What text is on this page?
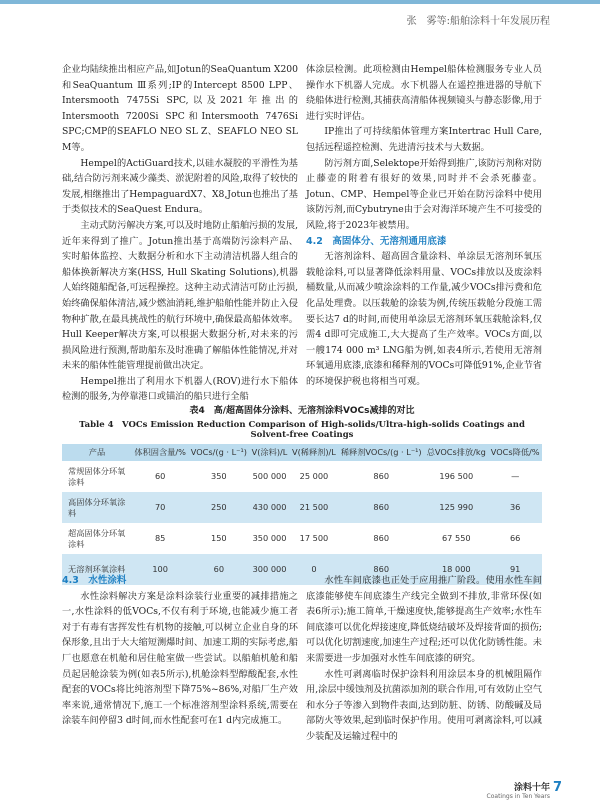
张　雾等:船舶涂料十年发展历程

企业均陆续推出相应产品,如Jotun的SeaQuantum X200和SeaQuantum Ⅲ系列;IP的Intercept 8500 LPP、Intersmooth 7475Si SPC,以及2021年推出的Intersmooth 7200Si SPC和Intersmooth 7476Si SPC;CMP的SEAFLO NEO SL Z、SEAFLO NEO SL M等。

Hempel的ActiGuard技术,以硅水凝胶的平滑性为基础,结合防污剂来减少藻类、淤泥附着的风险,取得了较快的发展,相继推出了HempaguardX7、X8,Jotun也推出了基于类似技术的SeaQuest Endura。

主动式防污解决方案,可以及时地防止船舶污损的发展,近年来得到了推广。Jotun推出基于高端防污涂料产品、实时船体监控、大数据分析和水下主动清洁机器人组合的船体换新解决方案(HSS, Hull Skating Solutions),机器人始终随船配备,可远程操控。这种主动式清洁可防止污损,始终确保船体清洁,减少燃油消耗,维护船舶性能并防止入侵物种扩散,在最具挑战性的航行环境中,确保最高船体效率。Hull Keeper解决方案,可以根据大数据分析,对未来的污损风险进行预测,帮助船东及时准确了解船体性能情况,并对未来的船体性能管理提前做出决定。

Hempel推出了利用水下机器人(ROV)进行水下船体检测的服务,为停靠港口或锚泊的船只进行全船

体涂层检测。此项检测由Hempel船体检测服务专业人员操作水下机器人完成。水下机器人在遥控推进器的导航下绕船体进行检测,其捕获高清船体视频镜头与静态影像,用于进行实时评估。

IP推出了可持续船体管理方案Intertrac Hull Care,包括远程遥控检测、先进清污技术与大数据。

防污剂方面,Selektope开始得到推广,该防污剂称对防止藤壶的附着有很好的效果,同时并不会杀死藤壶。Jotun、CMP、Hempel等企业已开始在防污涂料中使用该防污剂,而Cybutryne由于会对海洋环境产生不可接受的风险,将于2023年被禁用。

4.2　高固体分、无溶剂通用底漆

无溶剂涂料、超高固含量涂料、单涂层无溶剂环氧压载舱涂料,可以显著降低涂料用量、VOCs排放以及废涂料桶数量,从而减少喷涂涂料的工作量,减少VOCs排污费和危化品处理费。以压载舱的涂装为例,传统压载舱分段施工需要长达7 d的时间,而使用单涂层无溶剂环氧压载舱涂料,仅需4 d即可完成施工,大大提高了生产效率。VOCs方面,以一艘174 000 m³ LNG船为例,如表4所示,若使用无溶剂环氧通用底漆,底漆和稀释剂的VOCs可降低91%,企业节省的环境保护税也将相当可观。

表4　高/超高固体分涂料、无溶剂涂料VOCs减排的对比

Table 4　VOCs Emission Reduction Comparison of High-solids/Ultra-high-solids Coatings and Solvent-free Coatings

产品	体积固含量/%	VOCs/(g · L⁻¹)	V(涂料)/L	V(稀释剂)/L	稀释剂VOCs/(g · L⁻¹)	总VOCs排放/kg	VOCs降低/%
常规固体分环氧涂料	60	350	500 000	25 000	860	196 500	—
高固体分环氧涂料	70	250	430 000	21 500	860	125 990	36
超高固体分环氧涂料	85	150	350 000	17 500	860	67 550	66
无溶剂环氧涂料	100	60	300 000	0	860	18 000	91

4.3　水性涂料

水性涂料解决方案是涂料涂装行业重要的减排措施之一,水性涂料的低VOCs,不仅有利于环境,也能减少施工者对于有毒有害挥发性有机物的接触,可以树立企业自身的环保形象,且出于大大缩短测爆时间、加速工期的实际考虑,船厂也愿意在机舱和居住舱室做一些尝试。以船舶机舱和船员起居舱涂装为例(如表5所示),机舱涂料型醇酸配套,水性配套的VOCs将比纯溶剂型下降75%~86%,对船厂生产效率来说,通常情况下,施工一个标准溶剂型涂料系统,需要在涂装车间停留3 d时间,而水性配套可在1 d内完成施工。

水性车间底漆也正处于应用推广阶段。使用水性车间底漆能够使车间底漆生产线完全做到不排放,非常环保(如表6所示);施工简单,干燥速度快,能够提高生产效率;水性车间底漆可以优化焊接速度,降低烧结破坏及焊接背面的损伤;可以优化切割速度,加速生产过程;还可以优化防锈性能。未来需要进一步加强对水性车间底漆的研究。

水性可剥离临时保护涂料利用涂层本身的机械阻隔作用,涂层中缓蚀剂及抗菌添加剂的联合作用,可有效防止空气和水分子等渗入到物件表面,达到防脏、防锈、防酸碱及局部防火等效果,起到临时保护作用。使用可剥离涂料,可以减少装配及运输过程中的

涂料十年
Coatings in Ten Years
7
